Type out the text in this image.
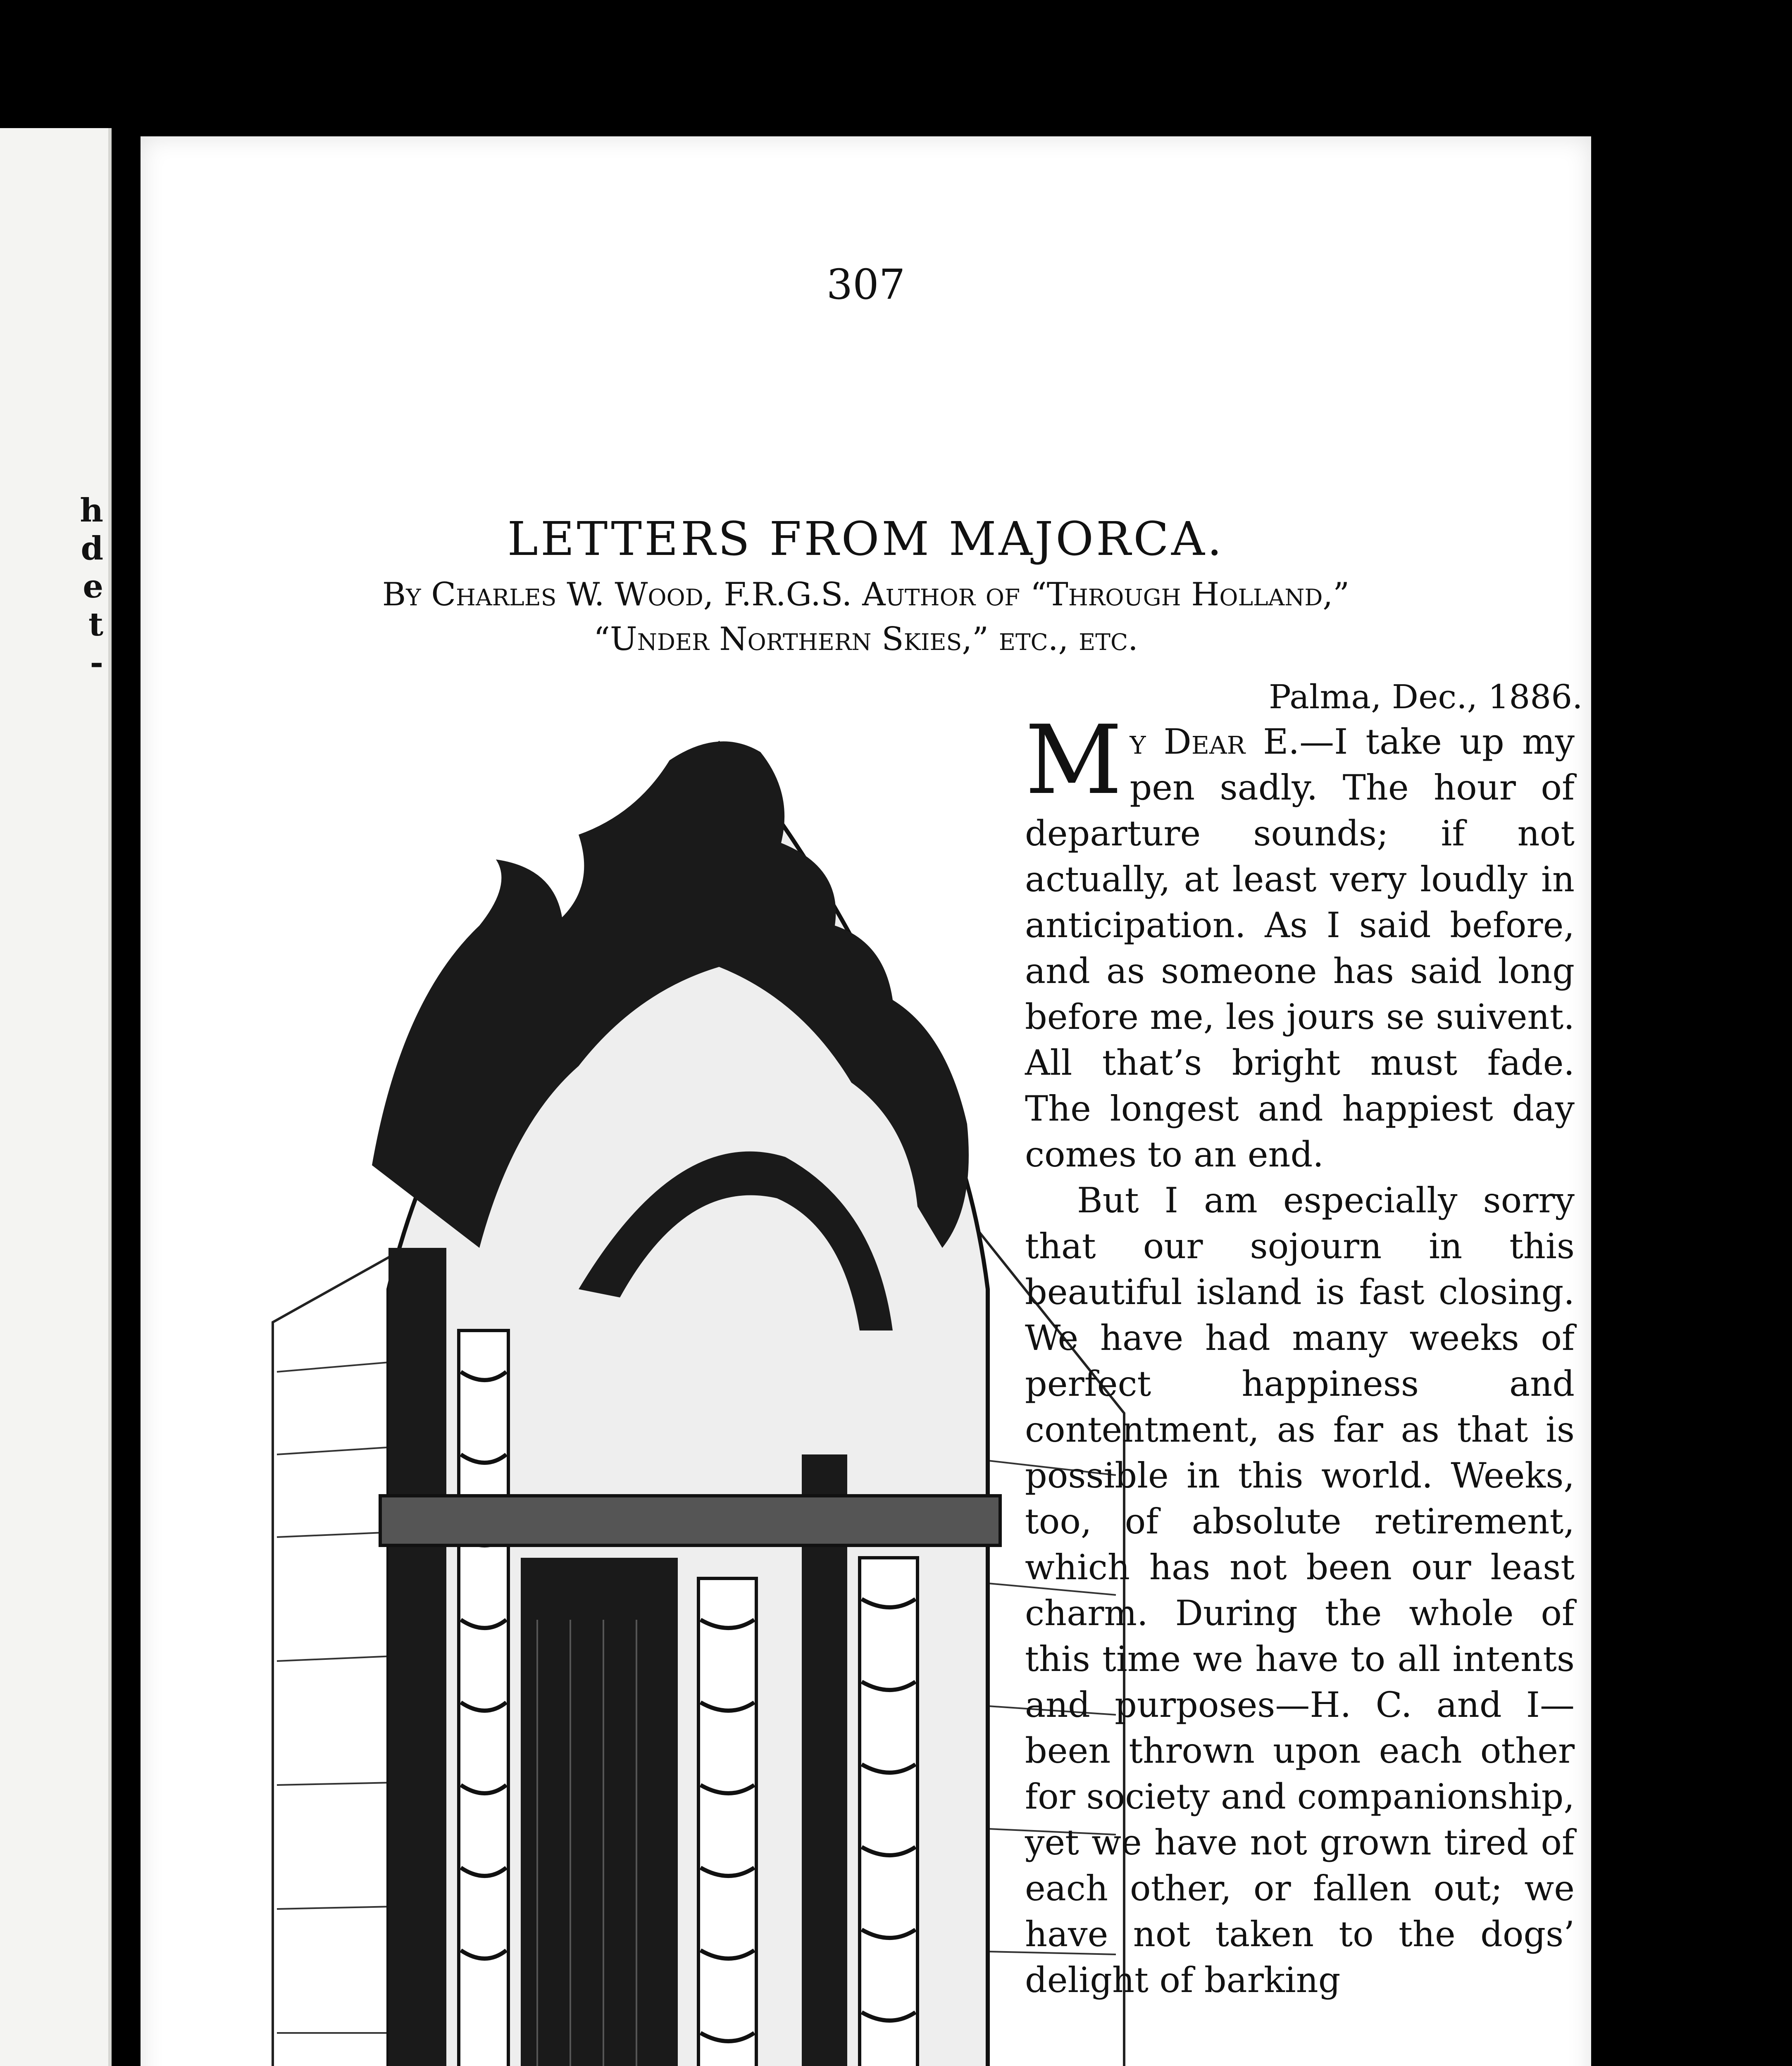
h
d
e
t
-
307
LETTERS FROM MAJORCA.
By Charles W. Wood, F.R.G.S. Author of “Through Holland,”
“Under Northern Skies,” etc., etc.
Palma, Dec., 1886.

My Dear E.—I take up my pen sadly. The hour of departure sounds; if not actually, at least very loudly in anticipation. As I said before, and as someone has said long before me, les jours se suivent. All that’s bright must fade. The longest and happiest day comes to an end.

But I am especially sorry that our sojourn in this beautiful island is fast closing. We have had many weeks of perfect happiness and contentment, as far as that is possible in this world. Weeks, too, of absolute retirement, which has not been our least charm. During the whole of this time we have to all intents and purposes—H. C. and I—been thrown upon each other for society and companionship, yet we have not grown tired of each other, or fallen out; we have not taken to the dogs’ delight of barking
